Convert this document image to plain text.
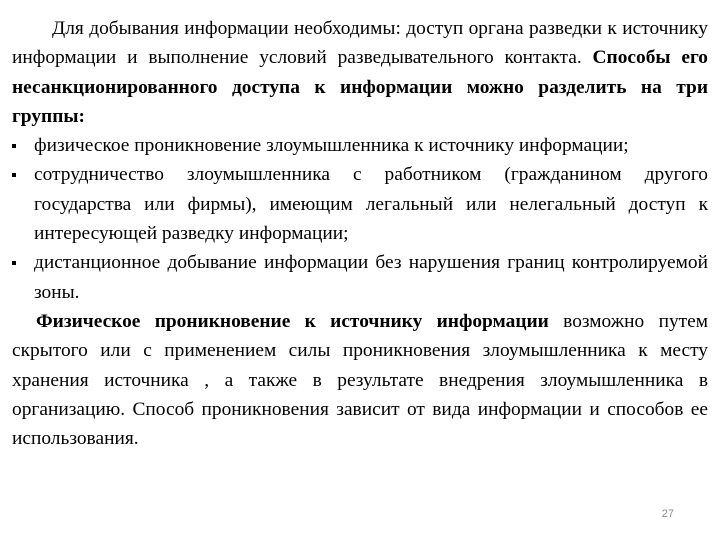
Для добывания информации необходимы: доступ органа разведки к источнику информации и выполнение условий разведывательного контакта. Способы его несанкционированного доступа к информации можно разделить на три группы:

физическое проникновение злоумышленника к источнику информации;
сотрудничество злоумышленника с работником (гражданином другого государства или фирмы), имеющим легальный или нелегальный доступ к интересующей разведку информации;
дистанционное добывание информации без нарушения границ контролируемой зоны.

Физическое проникновение к источнику информации возможно путем скрытого или с применением силы проникновения злоумышленника к месту хранения источника , а также в результате внедрения злоумышленника в организацию. Способ проникновения зависит от вида информации и способов ее использования.

27
